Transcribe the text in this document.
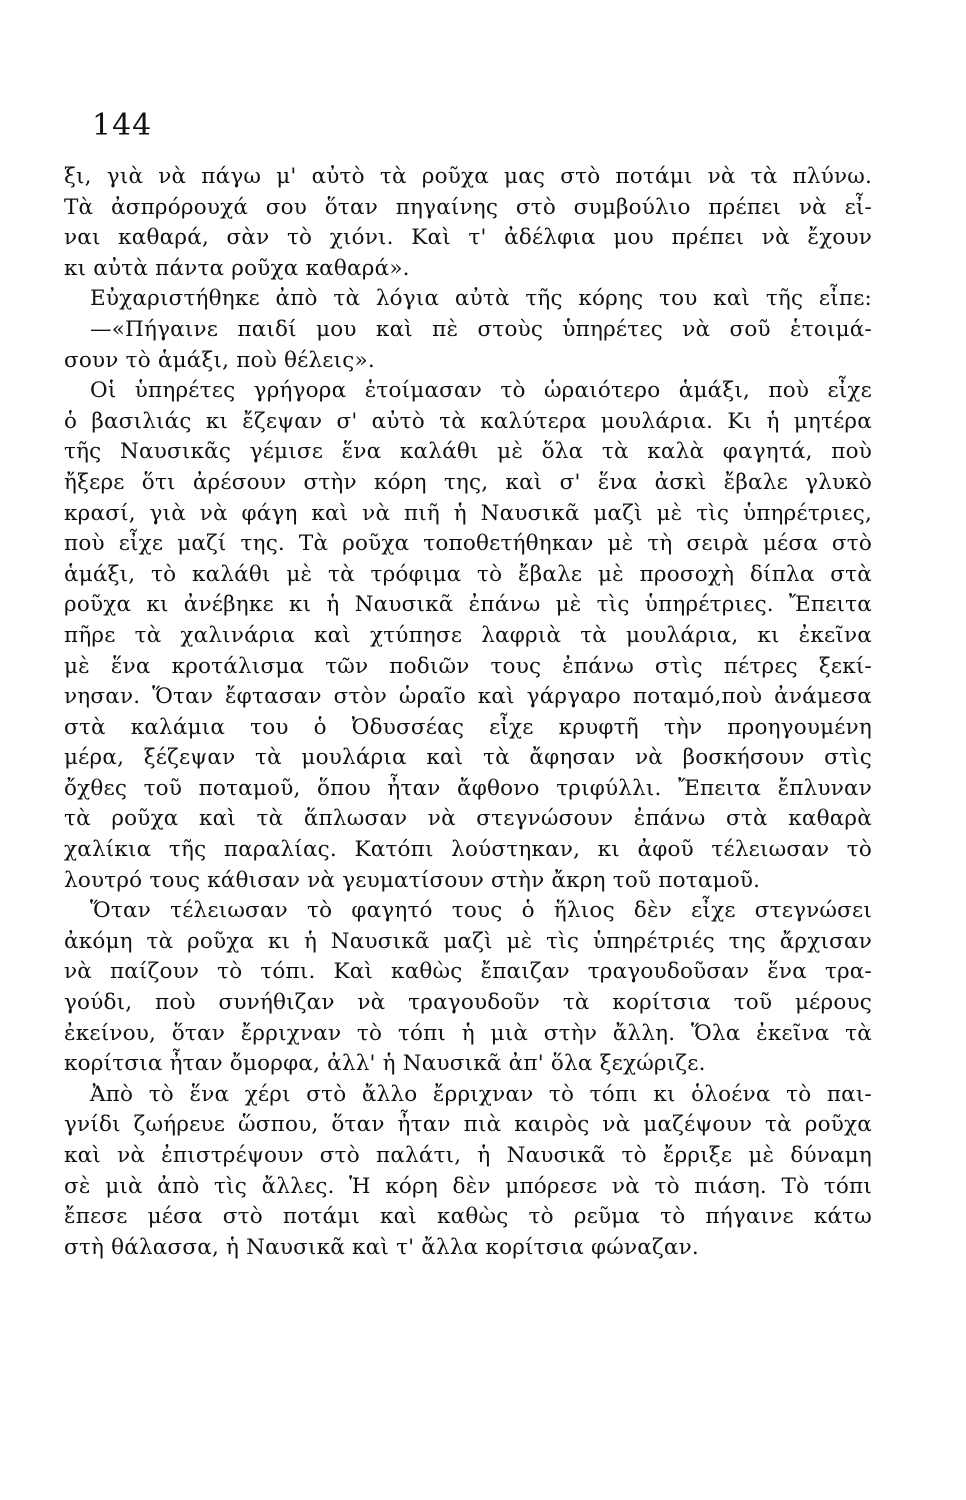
144
ξι, γιὰ νὰ πάγω μ' αὐτὸ τὰ ροῦχα μας στὸ ποτάμι νὰ τὰ πλύνω.
Τὰ ἀσπρόρουχά σου ὅταν πηγαίνης στὸ συμβούλιο πρέπει νὰ εἶ-
ναι καθαρά, σὰν τὸ χιόνι. Καὶ τ' ἀδέλφια μου πρέπει νὰ ἔχουν
κι αὐτὰ πάντα ροῦχα καθαρά».
Εὐχαριστήθηκε ἀπὸ τὰ λόγια αὐτὰ τῆς κόρης του καὶ τῆς εἶπε:
—«Πήγαινε παιδί μου καὶ πὲ στοὺς ὑπηρέτες νὰ σοῦ ἑτοιμά-
σουν τὸ ἁμάξι, ποὺ θέλεις».
Οἱ ὑπηρέτες γρήγορα ἑτοίμασαν τὸ ὡραιότερο ἁμάξι, ποὺ εἶχε
ὁ βασιλιάς κι ἔζεψαν σ' αὐτὸ τὰ καλύτερα μουλάρια. Κι ἡ μητέρα
τῆς Ναυσικᾶς γέμισε ἕνα καλάθι μὲ ὅλα τὰ καλὰ φαγητά, ποὺ
ἤξερε ὅτι ἀρέσουν στὴν κόρη της, καὶ σ' ἕνα ἀσκὶ ἔβαλε γλυκὸ
κρασί, γιὰ νὰ φάγη καὶ νὰ πιῆ ἡ Ναυσικᾶ μαζὶ μὲ τὶς ὑπηρέτριες,
ποὺ εἶχε μαζί της. Τὰ ροῦχα τοποθετήθηκαν μὲ τὴ σειρὰ μέσα στὸ
ἁμάξι, τὸ καλάθι μὲ τὰ τρόφιμα τὸ ἔβαλε μὲ προσοχὴ δίπλα στὰ
ροῦχα κι ἀνέβηκε κι ἡ Ναυσικᾶ ἐπάνω μὲ τὶς ὑπηρέτριες. Ἔπειτα
πῆρε τὰ χαλινάρια καὶ χτύπησε λαφριὰ τὰ μουλάρια, κι ἐκεῖνα
μὲ ἕνα κροτάλισμα τῶν ποδιῶν τους ἐπάνω στὶς πέτρες ξεκί-
νησαν. Ὅταν ἔφτασαν στὸν ὡραῖο καὶ γάργαρο ποταμό,ποὺ ἀνάμεσα
στὰ καλάμια του ὁ Ὀδυσσέας εἶχε κρυφτῆ τὴν προηγουμένη
μέρα, ξέζεψαν τὰ μουλάρια καὶ τὰ ἄφησαν νὰ βοσκήσουν στὶς
ὄχθες τοῦ ποταμοῦ, ὅπου ἦταν ἄφθονο τριφύλλι. Ἔπειτα ἔπλυναν
τὰ ροῦχα καὶ τὰ ἅπλωσαν νὰ στεγνώσουν ἐπάνω στὰ καθαρὰ
χαλίκια τῆς παραλίας. Κατόπι λούστηκαν, κι ἀφοῦ τέλειωσαν τὸ
λουτρό τους κάθισαν νὰ γευματίσουν στὴν ἄκρη τοῦ ποταμοῦ.
Ὅταν τέλειωσαν τὸ φαγητό τους ὁ ἥλιος δὲν εἶχε στεγνώσει
ἀκόμη τὰ ροῦχα κι ἡ Ναυσικᾶ μαζὶ μὲ τὶς ὑπηρέτριές της ἄρχισαν
νὰ παίζουν τὸ τόπι. Καὶ καθὼς ἔπαιζαν τραγουδοῦσαν ἕνα τρα-
γούδι, ποὺ συνήθιζαν νὰ τραγουδοῦν τὰ κορίτσια τοῦ μέρους
ἐκείνου, ὅταν ἔρριχναν τὸ τόπι ἡ μιὰ στὴν ἄλλη. Ὅλα ἐκεῖνα τὰ
κορίτσια ἦταν ὄμορφα, ἀλλ' ἡ Ναυσικᾶ ἀπ' ὅλα ξεχώριζε.
Ἀπὸ τὸ ἕνα χέρι στὸ ἄλλο ἔρριχναν τὸ τόπι κι ὁλοένα τὸ παι-
γνίδι ζωήρευε ὥσπου, ὅταν ἦταν πιὰ καιρὸς νὰ μαζέψουν τὰ ροῦχα
καὶ νὰ ἐπιστρέψουν στὸ παλάτι, ἡ Ναυσικᾶ τὸ ἔρριξε μὲ δύναμη
σὲ μιὰ ἀπὸ τὶς ἄλλες. Ἡ κόρη δὲν μπόρεσε νὰ τὸ πιάση. Τὸ τόπι
ἔπεσε μέσα στὸ ποτάμι καὶ καθὼς τὸ ρεῦμα τὸ πήγαινε κάτω
στὴ θάλασσα, ἡ Ναυσικᾶ καὶ τ' ἄλλα κορίτσια φώναζαν.
